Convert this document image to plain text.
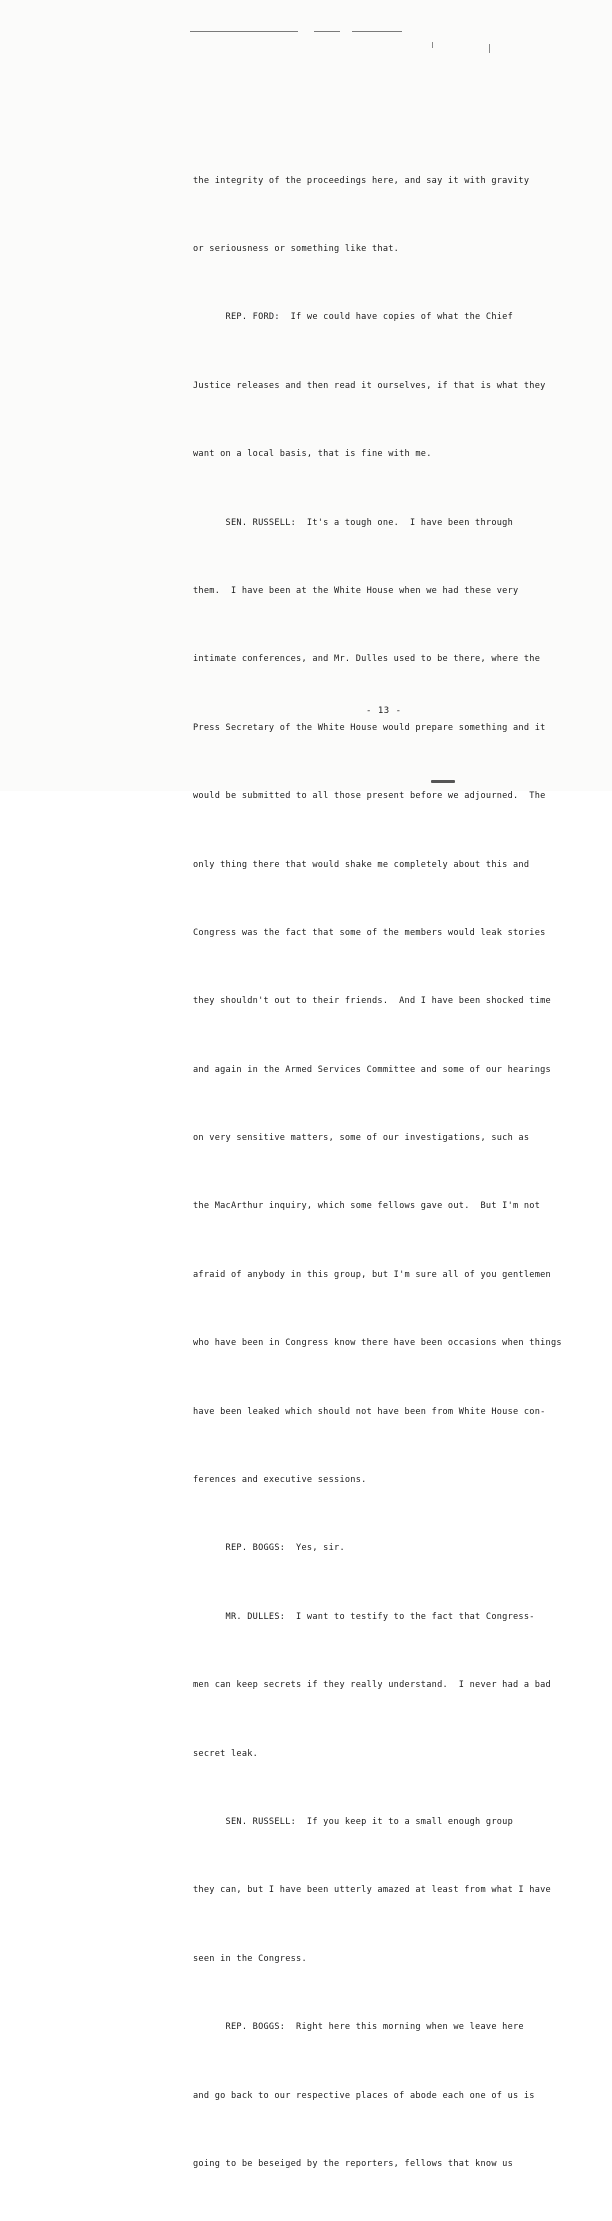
the integrity of the proceedings here, and say it with gravity

or seriousness or something like that.

REP. FORD:  If we could have copies of what the Chief

Justice releases and then read it ourselves, if that is what they

want on a local basis, that is fine with me.

SEN. RUSSELL:  It's a tough one.  I have been through

them.  I have been at the White House when we had these very

intimate conferences, and Mr. Dulles used to be there, where the

Press Secretary of the White House would prepare something and it

would be submitted to all those present before we adjourned.  The

only thing there that would shake me completely about this and

Congress was the fact that some of the members would leak stories

they shouldn't out to their friends.  And I have been shocked time

and again in the Armed Services Committee and some of our hearings

on very sensitive matters, some of our investigations, such as

the MacArthur inquiry, which some fellows gave out.  But I'm not

afraid of anybody in this group, but I'm sure all of you gentlemen

who have been in Congress know there have been occasions when things

have been leaked which should not have been from White House con-

ferences and executive sessions.

REP. BOGGS:  Yes, sir.

MR. DULLES:  I want to testify to the fact that Congress-

men can keep secrets if they really understand.  I never had a bad

secret leak.

SEN. RUSSELL:  If you keep it to a small enough group

they can, but I have been utterly amazed at least from what I have

seen in the Congress.

REP. BOGGS:  Right here this morning when we leave here

and go back to our respective places of abode each one of us is

going to be beseiged by the reporters, fellows that know us

- 13 -
